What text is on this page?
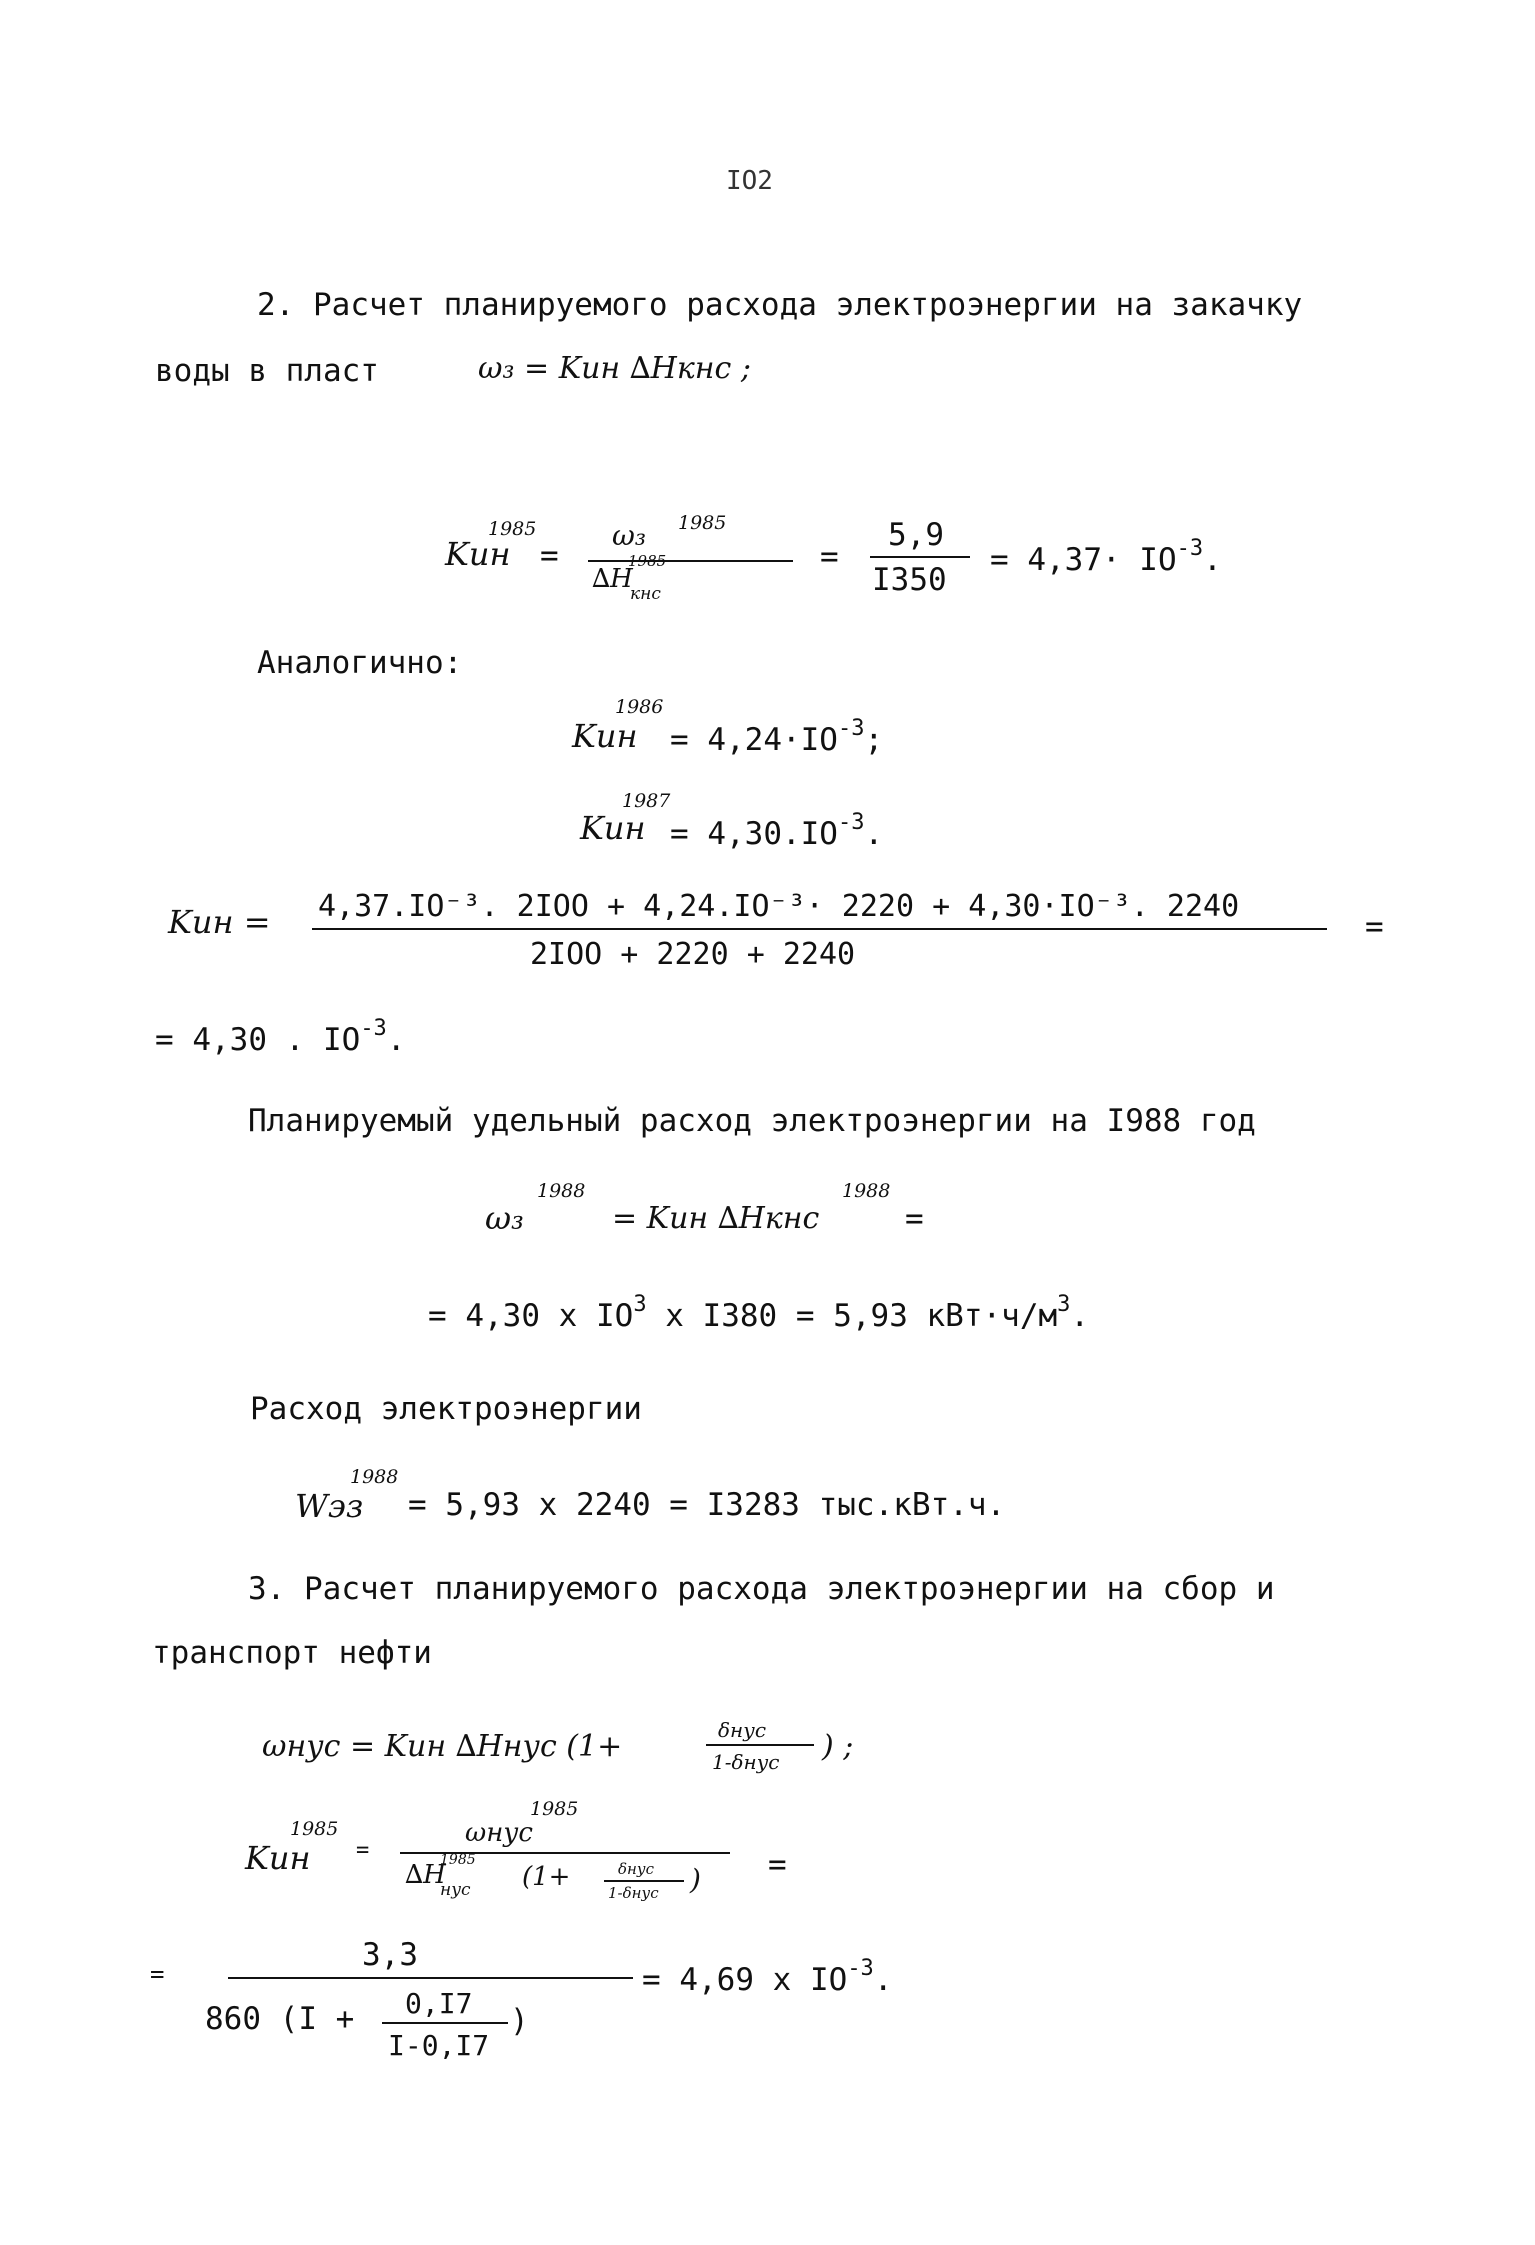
IO2
2. Расчет планируемого расхода электроэнергии на закачку
воды в пласт	ω₃ = Kин ∆Hкнс ;
Kин
1985
=
ω₃ 1985
∆H
1985
кнс
=
5,9
I350
= $4,37\cdot IO^{-3}$.
Аналогично:
Kин
1986
= $4,24\cdot IO^{-3}$;
Kин
1987
= $4,30.IO^{-3}$.
Kин = 4,37.IO⁻³. 2IOO + 4,24.IO⁻³· 2220 + 4,30·IO⁻³. 2240
2IOO + 2220 + 2240
=
= 4,30 . $IO^{-3}$.
Планируемый удельный расход электроэнергии на I988 год
ω₃
1988
= Kин ∆Hкнс
1988
=
= 4,30 x $IO^3$ x I380 = 5,93 $кВт\cdot ч/м^3$.
Расход электроэнергии
Wэз
1988
= 5,93 x 2240 = I3283 тыс.кВт.ч.
3. Расчет планируемого расхода электроэнергии на сбор и
транспорт нефти
ωнус = Kин ∆Hнус (1+	δнус
1-δнус ) ;
Kин
1985
=
ωнус
1985
∆H
1985
нус (1+	δнус
1-δнус ) =
=
3,3
860 (I + 0,I7
I-0,I7
)
= 4,69 x $IO^{-3}$.
